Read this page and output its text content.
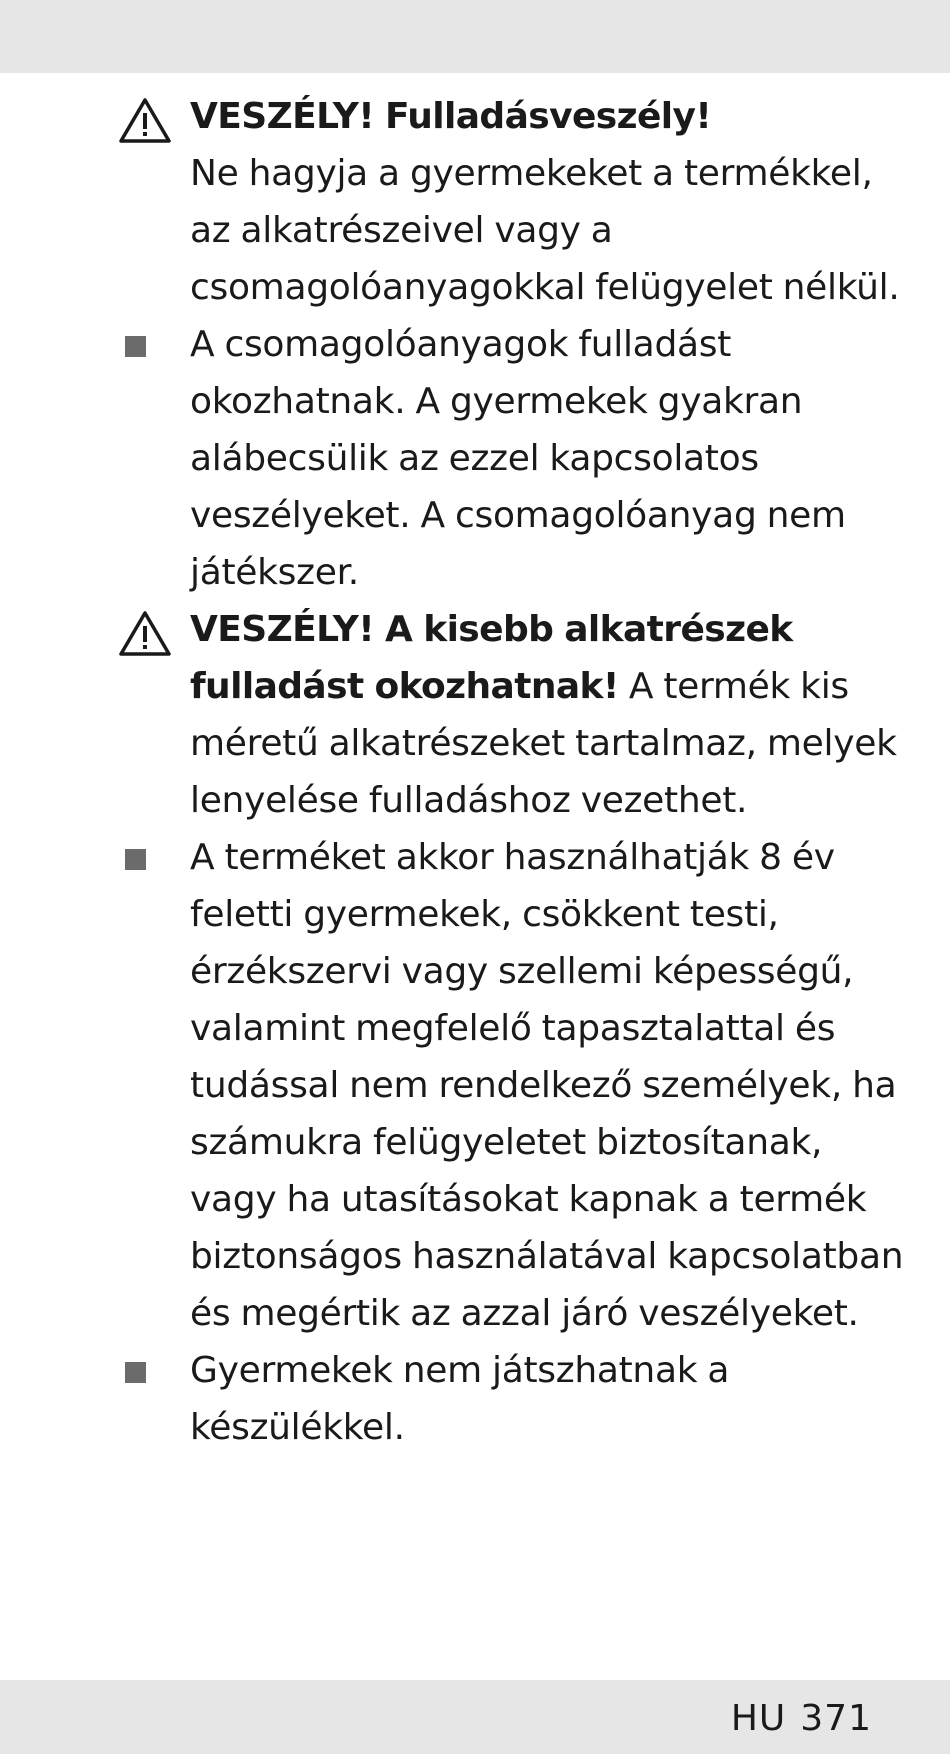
VESZÉLY! Fulladásveszély!
Ne hagyja a gyermekeket a termékkel, az alkatrészeivel vagy a csomagolóanyagokkal felügyelet nélkül.
A csomagolóanyagok fulladást okozhatnak. A gyermekek gyakran alábecsülik az ezzel kapcsolatos veszélyeket. A csomagolóanyag nem játékszer.
VESZÉLY! A kisebb alkatrészek fulladást okozhatnak! A termék kis méretű alkatrészeket tartalmaz, melyek lenyelése fulladáshoz vezethet.
A terméket akkor használhatják 8 év feletti gyermekek, csökkent testi, érzékszervi vagy szellemi képességű, valamint megfelelő tapasztalattal és tudással nem rendelkező személyek, ha számukra felügyeletet biztosítanak, vagy ha utasításokat kapnak a termék biztonságos használatával kapcsolatban és megértik az azzal járó veszélyeket.
Gyermekek nem játszhatnak a készülékkel.
HU 371
